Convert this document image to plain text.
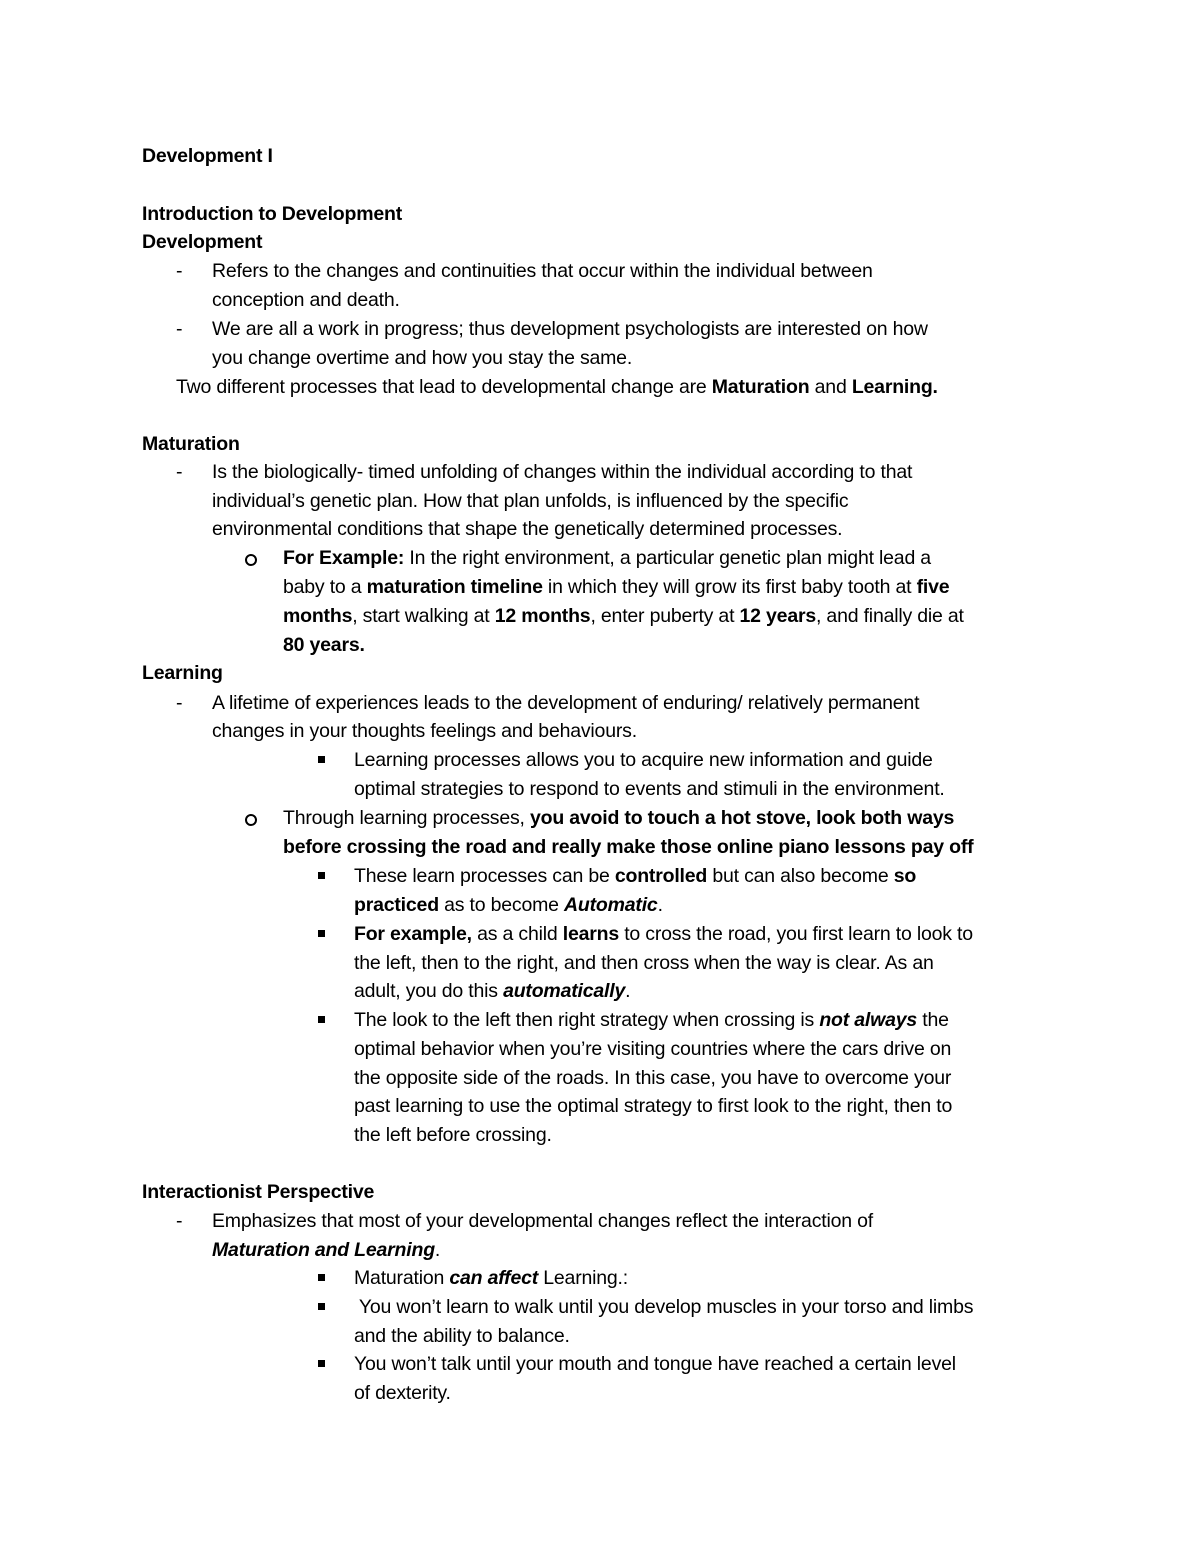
Development I
Introduction to Development
Development
- Refers to the changes and continuities that occur within the individual between
conception and death.
- We are all a work in progress; thus development psychologists are interested on how
you change overtime and how you stay the same.
Two different processes that lead to developmental change are Maturation and Learning.
Maturation
- Is the biologically- timed unfolding of changes within the individual according to that
individual’s genetic plan. How that plan unfolds, is influenced by the specific
environmental conditions that shape the genetically determined processes.
For Example: In the right environment, a particular genetic plan might lead a
baby to a maturation timeline in which they will grow its first baby tooth at five
months, start walking at 12 months, enter puberty at 12 years, and finally die at
80 years.
Learning
- A lifetime of experiences leads to the development of enduring/ relatively permanent
changes in your thoughts feelings and behaviours.
Learning processes allows you to acquire new information and guide
optimal strategies to respond to events and stimuli in the environment.
Through learning processes, you avoid to touch a hot stove, look both ways
before crossing the road and really make those online piano lessons pay off
These learn processes can be controlled but can also become so
practiced as to become Automatic.
For example, as a child learns to cross the road, you first learn to look to
the left, then to the right, and then cross when the way is clear. As an
adult, you do this automatically.
The look to the left then right strategy when crossing is not always the
optimal behavior when you’re visiting countries where the cars drive on
the opposite side of the roads. In this case, you have to overcome your
past learning to use the optimal strategy to first look to the right, then to
the left before crossing.
Interactionist Perspective
- Emphasizes that most of your developmental changes reflect the interaction of
Maturation and Learning.
Maturation can affect Learning.:
You won’t learn to walk until you develop muscles in your torso and limbs
and the ability to balance.
You won’t talk until your mouth and tongue have reached a certain level
of dexterity.
